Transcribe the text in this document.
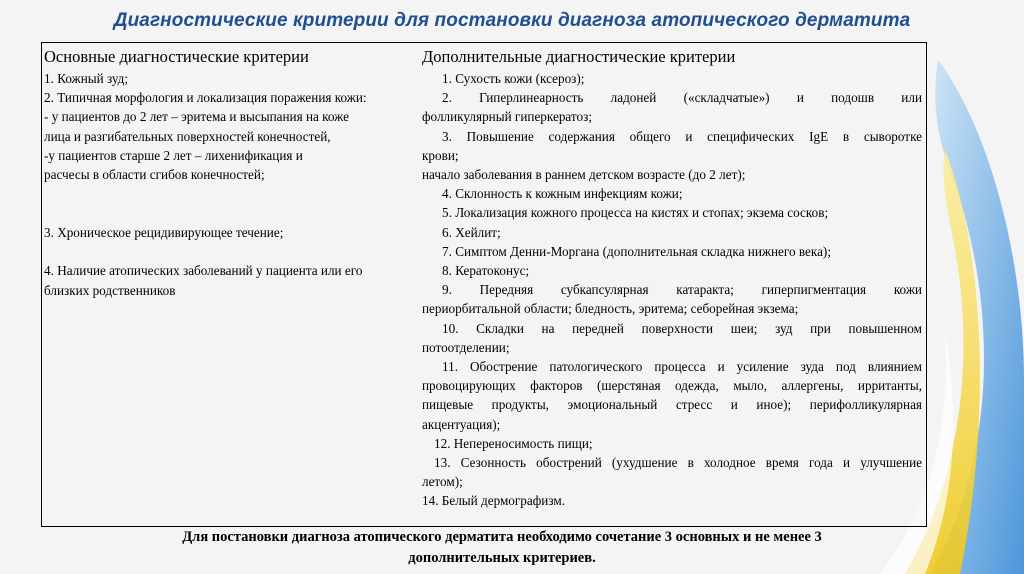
Диагностические критерии для постановки диагноза атопического дерматита
Основные диагностические критерии
1. Кожный зуд;
2. Типичная морфология и локализация поражения кожи:
- у пациентов до 2 лет – эритема и высыпания на коже
лица и разгибательных поверхностей конечностей,
-у пациентов старше 2 лет – лихенификация и
расчесы в области сгибов конечностей;
3. Хроническое рецидивирующее течение;
4. Наличие атопических заболеваний у пациента или его
близких родственников
Дополнительные диагностические критерии
1. Сухость кожи (ксероз);
2. Гиперлинеарность ладоней («складчатые») и подошв или
фолликулярный гиперкератоз;
3. Повышение содержания общего и специфических IgE в сыворотке
крови;
начало заболевания в раннем детском возрасте (до 2 лет);
4. Склонность к кожным инфекциям кожи;
5. Локализация кожного процесса на кистях и стопах; экзема сосков;
6. Хейлит;
7. Симптом Денни-Моргана (дополнительная складка нижнего века);
8. Кератоконус;
9. Передняя субкапсулярная катаракта; гиперпигментация кожи
периорбитальной области; бледность, эритема; себорейная экзема;
10. Складки на передней поверхности шеи; зуд при повышенном
потоотделении;
11. Обострение патологического процесса и усиление зуда под влиянием
провоцирующих факторов (шерстяная одежда, мыло, аллергены, ирританты,
пищевые продукты, эмоциональный стресс и иное); перифолликулярная
акцентуация);
12. Непереносимость пищи;
13. Сезонность обострений (ухудшение в холодное время года и улучшение
летом);
14. Белый дермографизм.
Для постановки диагноза атопического дерматита необходимо сочетание 3 основных и не менее 3
дополнительных критериев.
